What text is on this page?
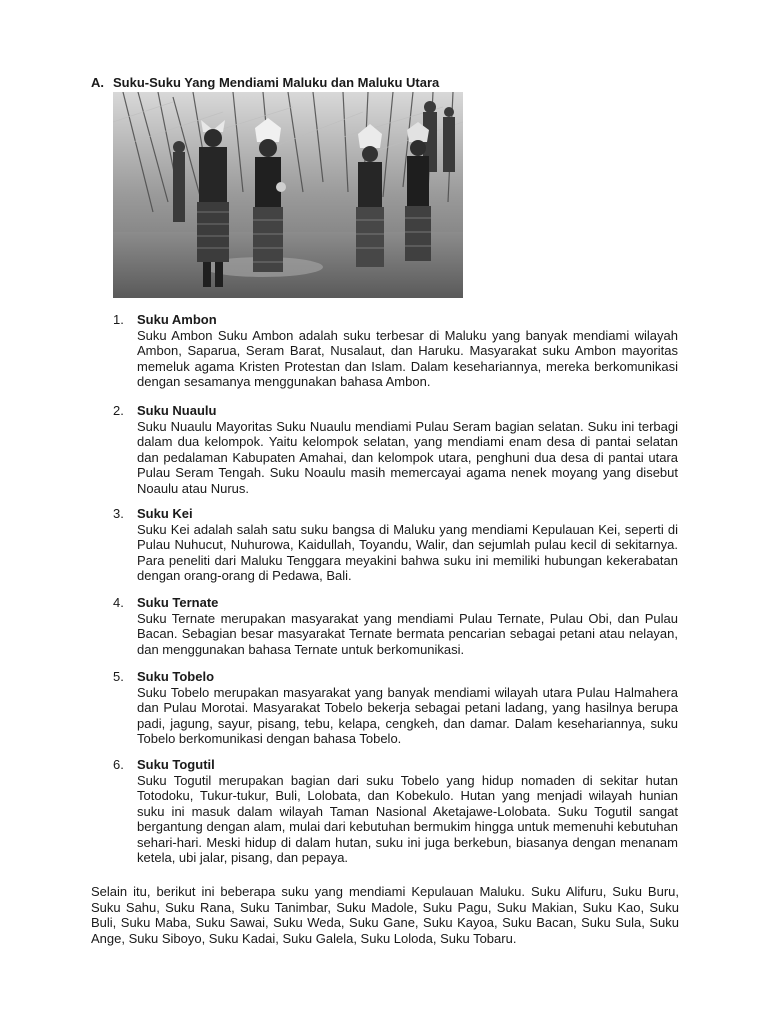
A. Suku-Suku Yang Mendiami Maluku dan Maluku Utara
1. Suku Ambon
Suku Ambon Suku Ambon adalah suku terbesar di Maluku yang banyak mendiami wilayah Ambon, Saparua, Seram Barat, Nusalaut, dan Haruku. Masyarakat suku Ambon mayoritas memeluk agama Kristen Protestan dan Islam. Dalam kesehariannya, mereka berkomunikasi dengan sesamanya menggunakan bahasa Ambon.
2. Suku Nuaulu
Suku Nuaulu Mayoritas Suku Nuaulu mendiami Pulau Seram bagian selatan. Suku ini terbagi dalam dua kelompok. Yaitu kelompok selatan, yang mendiami enam desa di pantai selatan dan pedalaman Kabupaten Amahai, dan kelompok utara, penghuni dua desa di pantai utara Pulau Seram Tengah. Suku Noaulu masih memercayai agama nenek moyang yang disebut Noaulu atau Nurus.
3. Suku Kei
Suku Kei adalah salah satu suku bangsa di Maluku yang mendiami Kepulauan Kei, seperti di Pulau Nuhucut, Nuhurowa, Kaidullah, Toyandu, Walir, dan sejumlah pulau kecil di sekitarnya. Para peneliti dari Maluku Tenggara meyakini bahwa suku ini memiliki hubungan kekerabatan dengan orang-orang di Pedawa, Bali.
4. Suku Ternate
Suku Ternate merupakan masyarakat yang mendiami Pulau Ternate, Pulau Obi, dan Pulau Bacan. Sebagian besar masyarakat Ternate bermata pencarian sebagai petani atau nelayan, dan menggunakan bahasa Ternate untuk berkomunikasi.
5. Suku Tobelo
Suku Tobelo merupakan masyarakat yang banyak mendiami wilayah utara Pulau Halmahera dan Pulau Morotai. Masyarakat Tobelo bekerja sebagai petani ladang, yang hasilnya berupa padi, jagung, sayur, pisang, tebu, kelapa, cengkeh, dan damar. Dalam kesehariannya, suku Tobelo berkomunikasi dengan bahasa Tobelo.
6. Suku Togutil
Suku Togutil merupakan bagian dari suku Tobelo yang hidup nomaden di sekitar hutan Totodoku, Tukur-tukur, Buli, Lolobata, dan Kobekulo. Hutan yang menjadi wilayah hunian suku ini masuk dalam wilayah Taman Nasional Aketajawe-Lolobata. Suku Togutil sangat bergantung dengan alam, mulai dari kebutuhan bermukim hingga untuk memenuhi kebutuhan sehari-hari. Meski hidup di dalam hutan, suku ini juga berkebun, biasanya dengan menanam ketela, ubi jalar, pisang, dan pepaya.
Selain itu, berikut ini beberapa suku yang mendiami Kepulauan Maluku. Suku Alifuru, Suku Buru, Suku Sahu, Suku Rana, Suku Tanimbar, Suku Madole, Suku Pagu, Suku Makian, Suku Kao, Suku Buli, Suku Maba, Suku Sawai, Suku Weda, Suku Gane, Suku Kayoa, Suku Bacan, Suku Sula, Suku Ange, Suku Siboyo, Suku Kadai, Suku Galela, Suku Loloda, Suku Tobaru.
